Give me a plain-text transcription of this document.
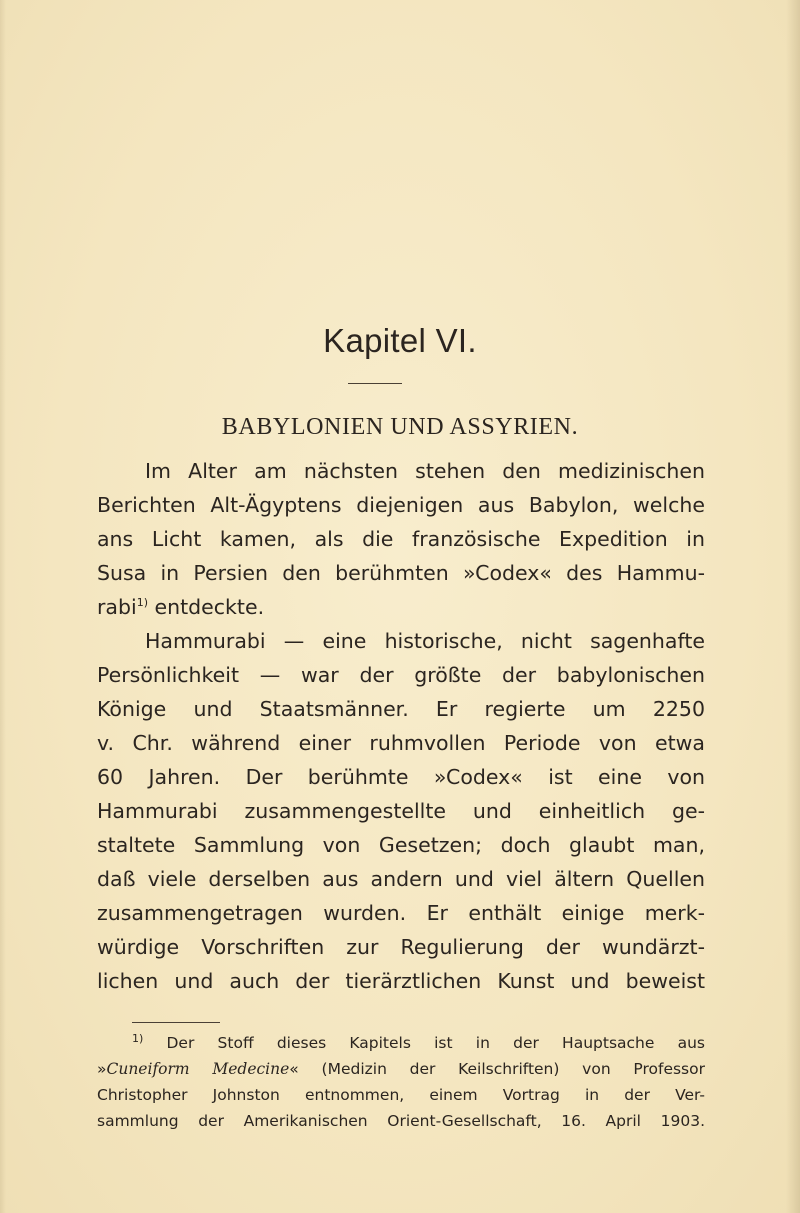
Kapitel VI.
BABYLONIEN UND ASSYRIEN.
Im Alter am nächsten stehen den medizinischen
Berichten Alt-Ägyptens diejenigen aus Babylon, welche
ans Licht kamen, als die französische Expedition in
Susa in Persien den berühmten »Codex« des Hammu-
rabi$^{1)}$ entdeckte.
Hammurabi — eine historische, nicht sagenhafte
Persönlichkeit — war der größte der babylonischen
Könige und Staatsmänner. Er regierte um 2250
v. Chr. während einer ruhmvollen Periode von etwa
60 Jahren. Der berühmte »Codex« ist eine von
Hammurabi zusammengestellte und einheitlich ge-
staltete Sammlung von Gesetzen; doch glaubt man,
daß viele derselben aus andern und viel ältern Quellen
zusammengetragen wurden. Er enthält einige merk-
würdige Vorschriften zur Regulierung der wundärzt-
lichen und auch der tierärztlichen Kunst und beweist
$^{1)}$ Der Stoff dieses Kapitels ist in der Hauptsache aus
»Cuneiform Medecine« (Medizin der Keilschriften) von Professor
Christopher Johnston entnommen, einem Vortrag in der Ver-
sammlung der Amerikanischen Orient-Gesellschaft, 16. April 1903.
